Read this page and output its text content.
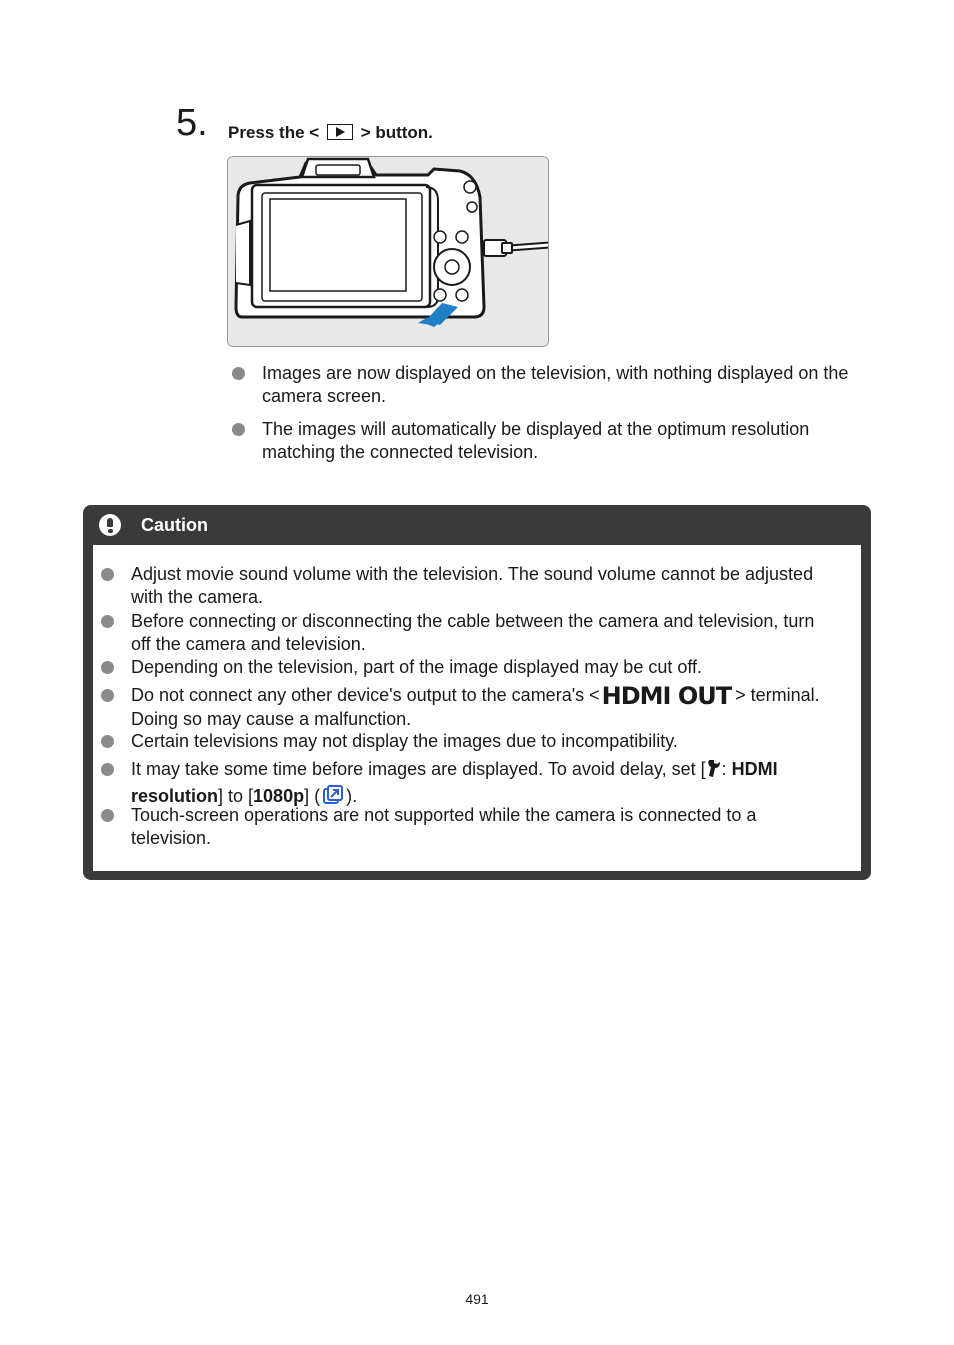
5. Press the < > button.
Images are now displayed on the television, with nothing displayed on the camera screen.
The images will automatically be displayed at the optimum resolution matching the connected television.
Caution
Adjust movie sound volume with the television. The sound volume cannot be adjusted with the camera.
Before connecting or disconnecting the cable between the camera and television, turn off the camera and television.
Depending on the television, part of the image displayed may be cut off.
Do not connect any other device's output to the camera's <HDMI OUT > terminal. Doing so may cause a malfunction.
Certain televisions may not display the images due to incompatibility.
It may take some time before images are displayed. To avoid delay, set [ : HDMI resolution] to [1080p] ( ).
Touch-screen operations are not supported while the camera is connected to a television.
491
